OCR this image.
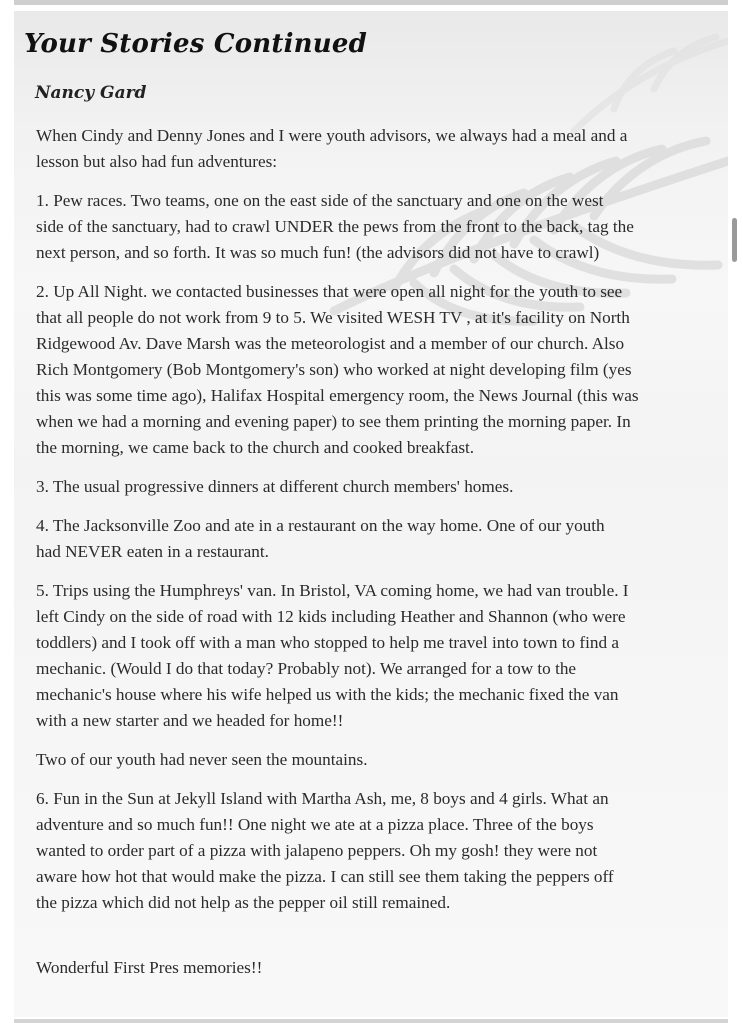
Your Stories Continued
Nancy Gard

When Cindy and Denny Jones and I were youth advisors, we always had a meal and a
lesson but also had fun adventures:

1. Pew races. Two teams, one on the east side of the sanctuary and one on the west
side of the sanctuary, had to crawl UNDER the pews from the front to the back, tag the
next person, and so forth. It was so much fun! (the advisors did not have to crawl)

2. Up All Night. we contacted businesses that were open all night for the youth to see
that all people do not work from 9 to 5. We visited WESH TV , at it's facility on North
Ridgewood Av. Dave Marsh was the meteorologist and a member of our church. Also
Rich Montgomery (Bob Montgomery's son) who worked at night developing film (yes
this was some time ago), Halifax Hospital emergency room, the News Journal (this was
when we had a morning and evening paper) to see them printing the morning paper. In
the morning, we came back to the church and cooked breakfast.

3. The usual progressive dinners at different church members' homes.

4. The Jacksonville Zoo and ate in a restaurant on the way home. One of our youth
had NEVER eaten in a restaurant.

5. Trips using the Humphreys' van. In Bristol, VA coming home, we had van trouble. I
left Cindy on the side of road with 12 kids including Heather and Shannon (who were
toddlers) and I took off with a man who stopped to help me travel into town to find a
mechanic. (Would I do that today? Probably not). We arranged for a tow to the
mechanic's house where his wife helped us with the kids; the mechanic fixed the van
with a new starter and we headed for home!!

Two of our youth had never seen the mountains.

6. Fun in the Sun at Jekyll Island with Martha Ash, me, 8 boys and 4 girls. What an
adventure and so much fun!! One night we ate at a pizza place. Three of the boys
wanted to order part of a pizza with jalapeno peppers. Oh my gosh! they were not
aware how hot that would make the pizza. I can still see them taking the peppers off
the pizza which did not help as the pepper oil still remained.

Wonderful First Pres memories!!
